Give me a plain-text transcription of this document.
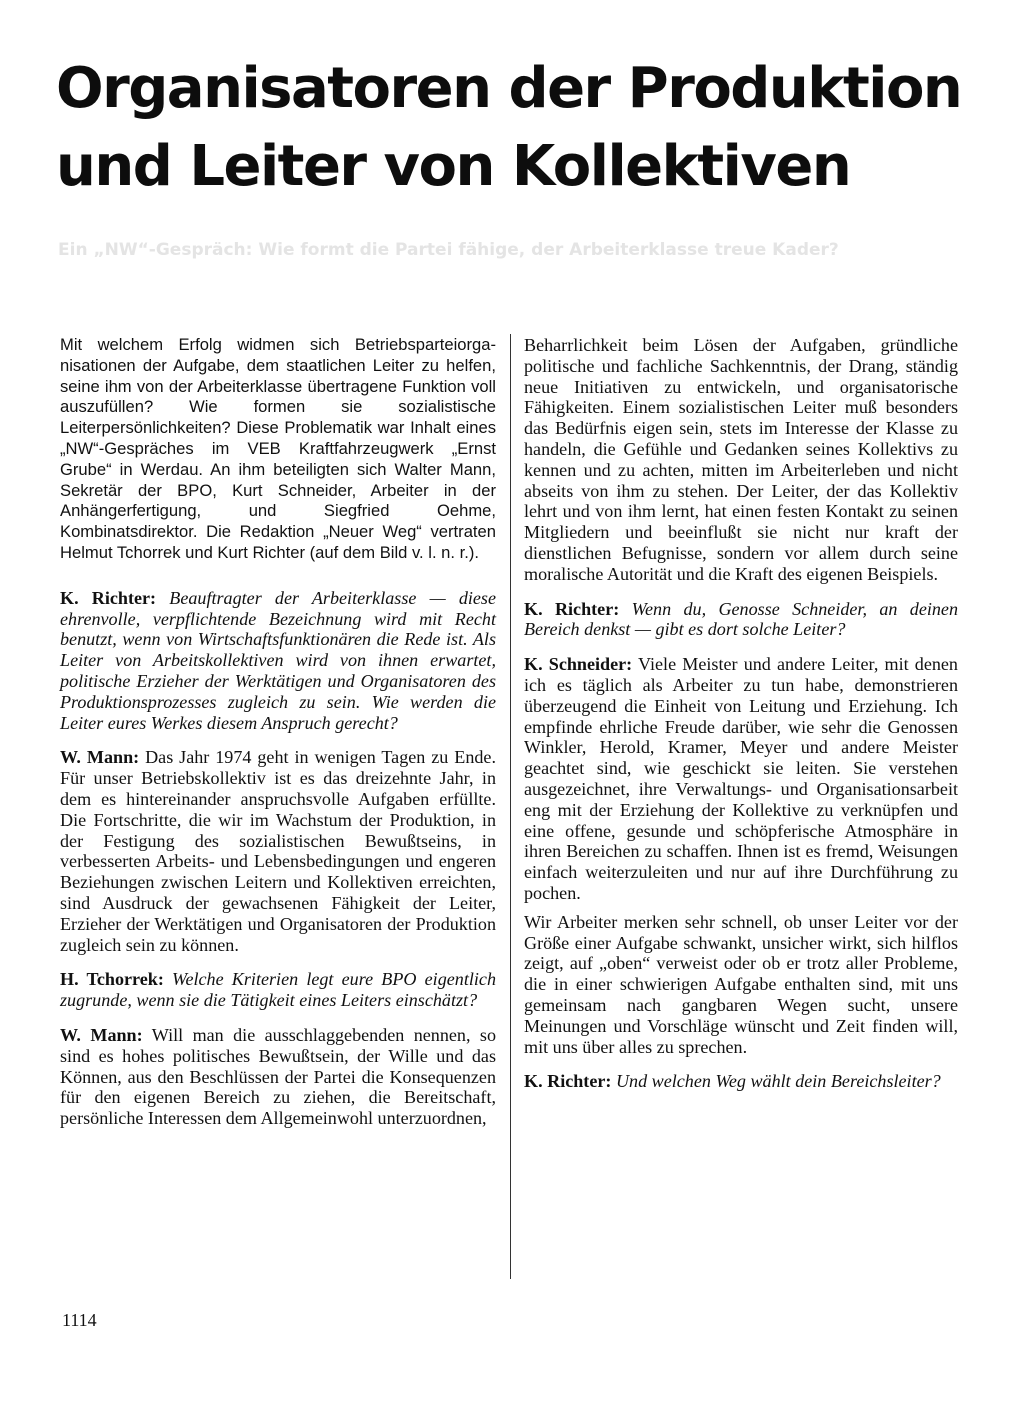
Organisatoren der Produktion
und Leiter von Kollektiven

Ein „NW“-Gespräch: Wie formt die Partei fähige, der Arbeiterklasse treue Kader?

Mit welchem Erfolg widmen sich Betriebsparteiorganisationen der Aufgabe, dem staatlichen Leiter zu helfen, seine ihm von der Arbeiterklasse übertragene Funktion voll auszufüllen? Wie formen sie sozialistische Leiterpersönlichkeiten? Diese Problematik war Inhalt eines „NW“-Gespräches im VEB Kraftfahrzeugwerk „Ernst Grube“ in Werdau. An ihm beteiligten sich Walter Mann, Sekretär der BPO, Kurt Schneider, Arbeiter in der Anhängerfertigung, und Siegfried Oehme, Kombinatsdirektor. Die Redaktion „Neuer Weg“ vertraten Helmut Tchorrek und Kurt Richter (auf dem Bild v. l. n. r.).

K. Richter: Beauftragter der Arbeiterklasse — diese ehrenvolle, verpflichtende Bezeichnung wird mit Recht benutzt, wenn von Wirtschaftsfunktionären die Rede ist. Als Leiter von Arbeitskollektiven wird von ihnen erwartet, politische Erzieher der Werktätigen und Organisatoren des Produktionsprozesses zugleich zu sein. Wie werden die Leiter eures Werkes diesem Anspruch gerecht?

W. Mann: Das Jahr 1974 geht in wenigen Tagen zu Ende. Für unser Betriebskollektiv ist es das dreizehnte Jahr, in dem es hintereinander anspruchsvolle Aufgaben erfüllte. Die Fortschritte, die wir im Wachstum der Produktion, in der Festigung des sozialistischen Bewußtseins, in verbesserten Arbeits- und Lebensbedingungen und engeren Beziehungen zwischen Leitern und Kollektiven erreichten, sind Ausdruck der gewachsenen Fähigkeit der Leiter, Erzieher der Werktätigen und Organisatoren der Produktion zugleich sein zu können.

H. Tchorrek: Welche Kriterien legt eure BPO eigentlich zugrunde, wenn sie die Tätigkeit eines Leiters einschätzt?

W. Mann: Will man die ausschlaggebenden nennen, so sind es hohes politisches Bewußtsein, der Wille und das Können, aus den Beschlüssen der Partei die Konsequenzen für den eigenen Bereich zu ziehen, die Bereitschaft, persönliche Interessen dem Allgemeinwohl unterzuordnen,

Beharrlichkeit beim Lösen der Aufgaben, gründliche politische und fachliche Sachkenntnis, der Drang, ständig neue Initiativen zu entwickeln, und organisatorische Fähigkeiten. Einem sozialistischen Leiter muß besonders das Bedürfnis eigen sein, stets im Interesse der Klasse zu handeln, die Gefühle und Gedanken seines Kollektivs zu kennen und zu achten, mitten im Arbeiterleben und nicht abseits von ihm zu stehen. Der Leiter, der das Kollektiv lehrt und von ihm lernt, hat einen festen Kontakt zu seinen Mitgliedern und beeinflußt sie nicht nur kraft der dienstlichen Befugnisse, sondern vor allem durch seine moralische Autorität und die Kraft des eigenen Beispiels.

K. Richter: Wenn du, Genosse Schneider, an deinen Bereich denkst — gibt es dort solche Leiter?

K. Schneider: Viele Meister und andere Leiter, mit denen ich es täglich als Arbeiter zu tun habe, demonstrieren überzeugend die Einheit von Leitung und Erziehung. Ich empfinde ehrliche Freude darüber, wie sehr die Genossen Winkler, Herold, Kramer, Meyer und andere Meister geachtet sind, wie geschickt sie leiten. Sie verstehen ausgezeichnet, ihre Verwaltungs- und Organisationsarbeit eng mit der Erziehung der Kollektive zu verknüpfen und eine offene, gesunde und schöpferische Atmosphäre in ihren Bereichen zu schaffen. Ihnen ist es fremd, Weisungen einfach weiterzuleiten und nur auf ihre Durchführung zu pochen.

Wir Arbeiter merken sehr schnell, ob unser Leiter vor der Größe einer Aufgabe schwankt, unsicher wirkt, sich hilflos zeigt, auf „oben“ verweist oder ob er trotz aller Probleme, die in einer schwierigen Aufgabe enthalten sind, mit uns gemeinsam nach gangbaren Wegen sucht, unsere Meinungen und Vorschläge wünscht und Zeit finden will, mit uns über alles zu sprechen.

K. Richter: Und welchen Weg wählt dein Bereichsleiter?

1114
